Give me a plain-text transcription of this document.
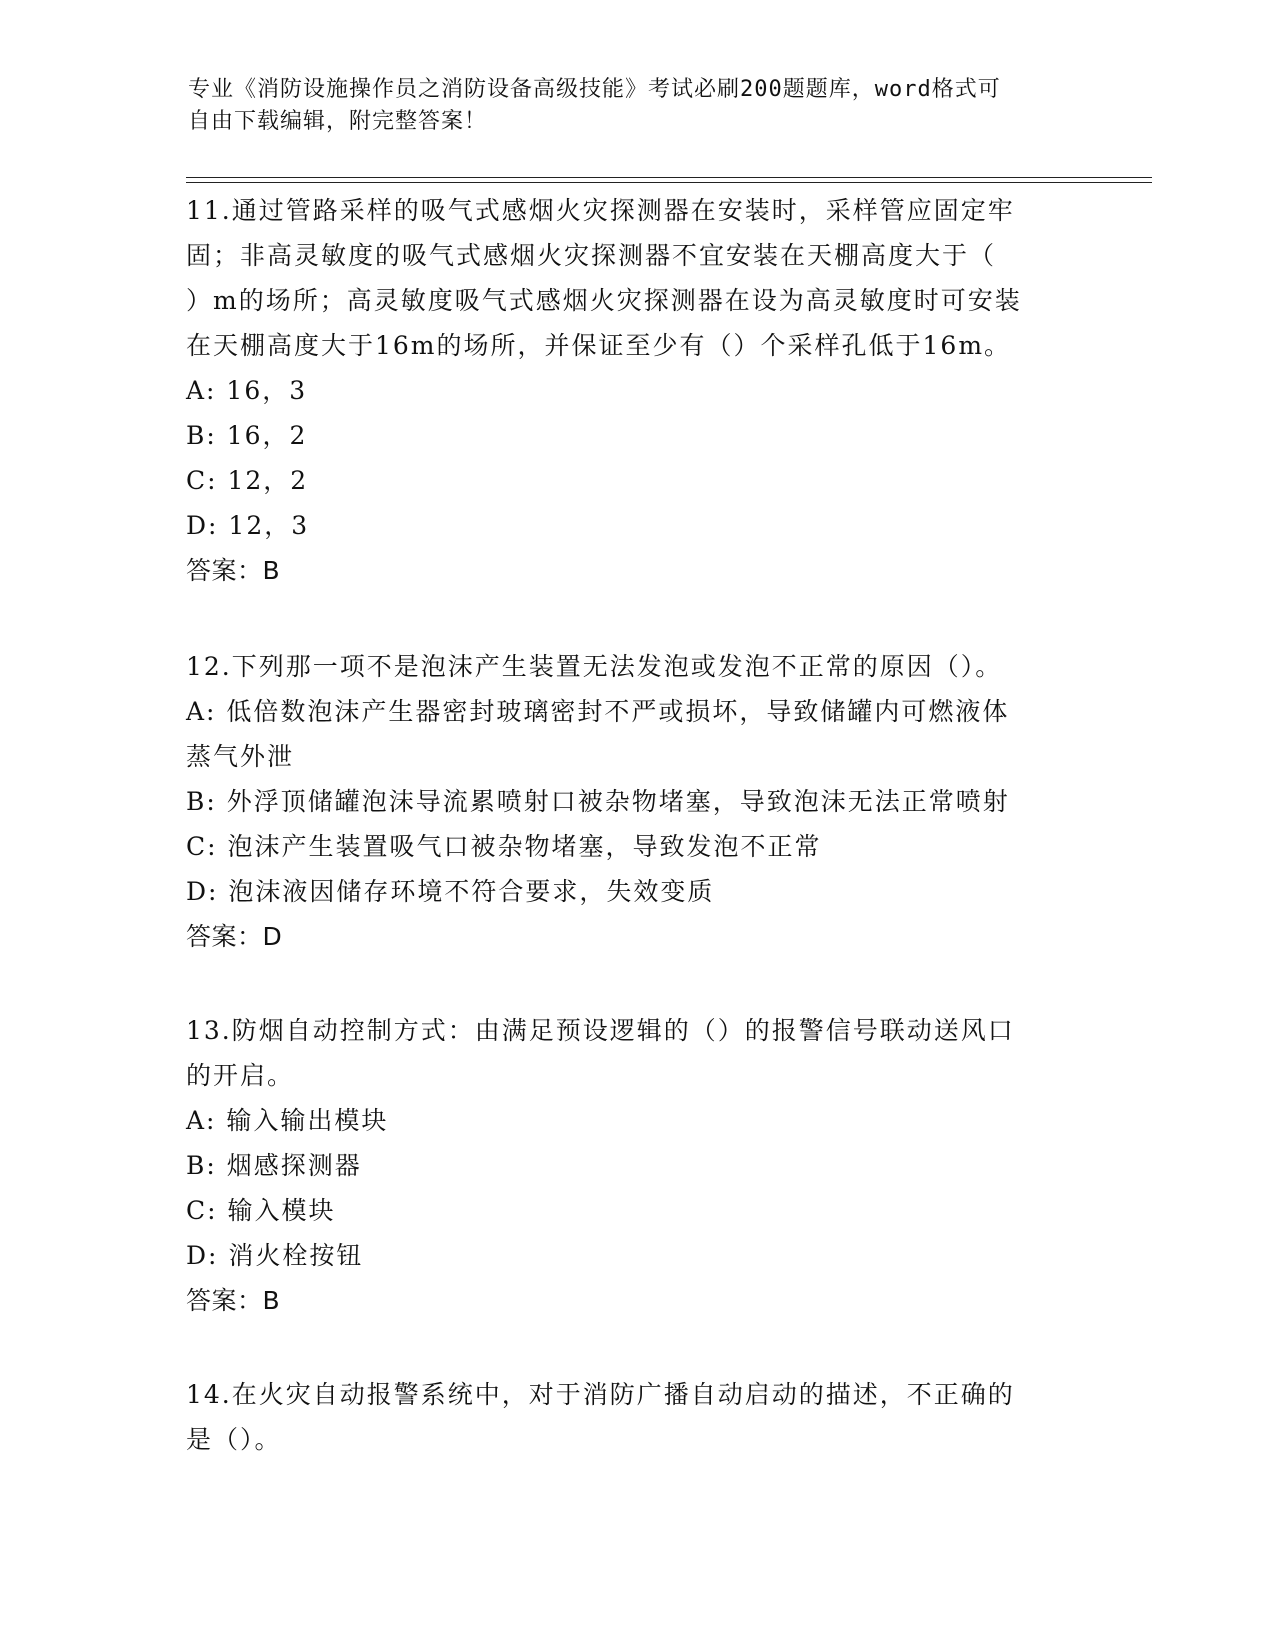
专业《消防设施操作员之消防设备高级技能》考试必刷200题题库，word格式可
自由下载编辑，附完整答案！
11.通过管路采样的吸气式感烟火灾探测器在安装时，采样管应固定牢
固；非高灵敏度的吸气式感烟火灾探测器不宜安装在天棚高度大于（
）m的场所；高灵敏度吸气式感烟火灾探测器在设为高灵敏度时可安装
在天棚高度大于16m的场所，并保证至少有（）个采样孔低于16m。
A: 16，3
B: 16，2
C: 12，2
D: 12，3
答案：B
12.下列那一项不是泡沫产生装置无法发泡或发泡不正常的原因（）。
A: 低倍数泡沫产生器密封玻璃密封不严或损坏，导致储罐内可燃液体
蒸气外泄
B: 外浮顶储罐泡沫导流累喷射口被杂物堵塞，导致泡沫无法正常喷射
C: 泡沫产生装置吸气口被杂物堵塞，导致发泡不正常
D: 泡沫液因储存环境不符合要求，失效变质
答案：D
13.防烟自动控制方式：由满足预设逻辑的（）的报警信号联动送风口
的开启。
A: 输入输出模块
B: 烟感探测器
C: 输入模块
D: 消火栓按钮
答案：B
14.在火灾自动报警系统中，对于消防广播自动启动的描述，不正确的
是（）。
